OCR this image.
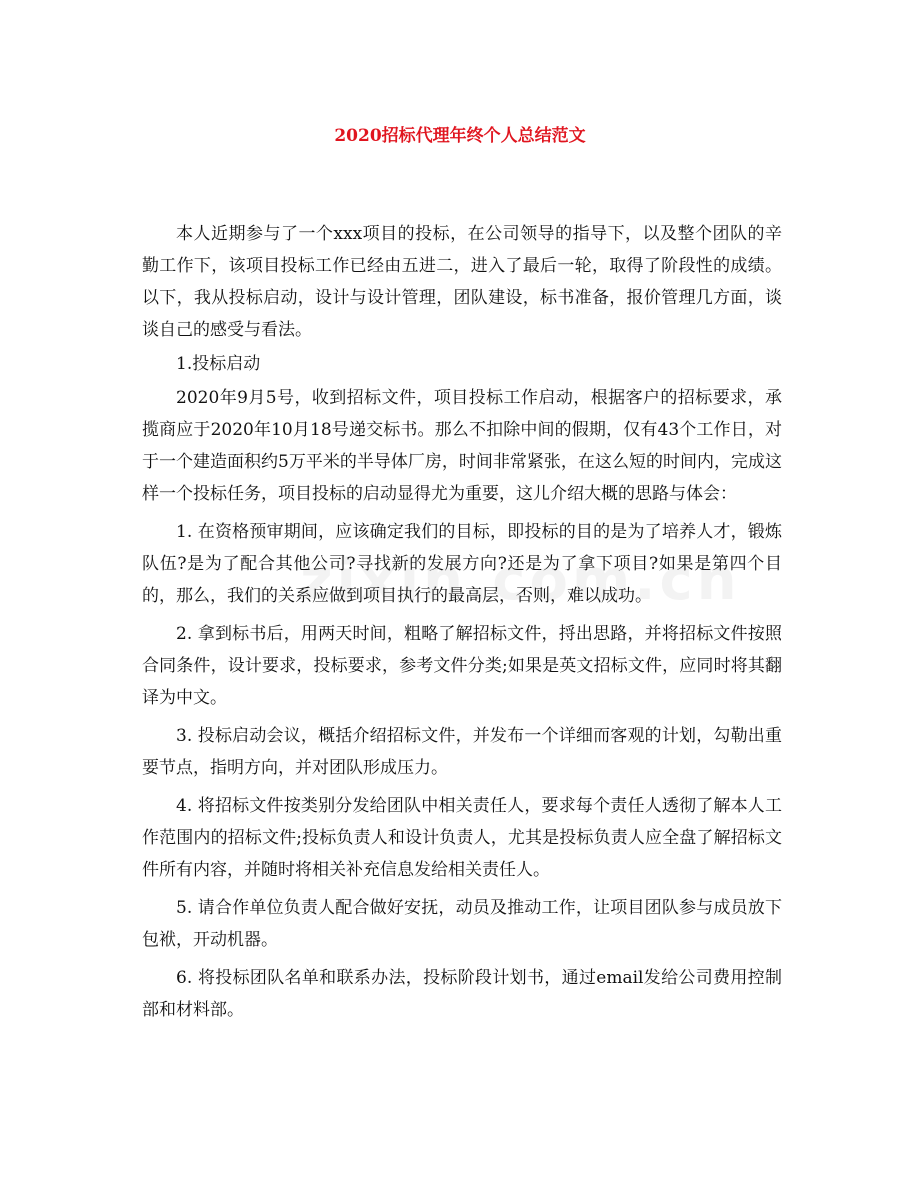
2020招标代理年终个人总结范文

本人近期参与了一个xxx项目的投标，在公司领导的指导下，以及整个团队的辛勤工作下，该项目投标工作已经由五进二，进入了最后一轮，取得了阶段性的成绩。以下，我从投标启动，设计与设计管理，团队建设，标书准备，报价管理几方面，谈谈自己的感受与看法。

1.投标启动

2020年9月5号，收到招标文件，项目投标工作启动，根据客户的招标要求，承揽商应于2020年10月18号递交标书。那么不扣除中间的假期，仅有43个工作日，对于一个建造面积约5万平米的半导体厂房，时间非常紧张，在这么短的时间内，完成这样一个投标任务，项目投标的启动显得尤为重要，这儿介绍大概的思路与体会：

1. 在资格预审期间，应该确定我们的目标，即投标的目的是为了培养人才，锻炼队伍?是为了配合其他公司?寻找新的发展方向?还是为了拿下项目?如果是第四个目的，那么，我们的关系应做到项目执行的最高层，否则，难以成功。

2. 拿到标书后，用两天时间，粗略了解招标文件，捋出思路，并将招标文件按照合同条件，设计要求，投标要求，参考文件分类;如果是英文招标文件，应同时将其翻译为中文。

3. 投标启动会议，概括介绍招标文件，并发布一个详细而客观的计划，勾勒出重要节点，指明方向，并对团队形成压力。

4. 将招标文件按类别分发给团队中相关责任人，要求每个责任人透彻了解本人工作范围内的招标文件;投标负责人和设计负责人，尤其是投标负责人应全盘了解招标文件所有内容，并随时将相关补充信息发给相关责任人。

5. 请合作单位负责人配合做好安抚，动员及推动工作，让项目团队参与成员放下包袱，开动机器。

6. 将投标团队名单和联系办法，投标阶段计划书，通过email发给公司费用控制部和材料部。
